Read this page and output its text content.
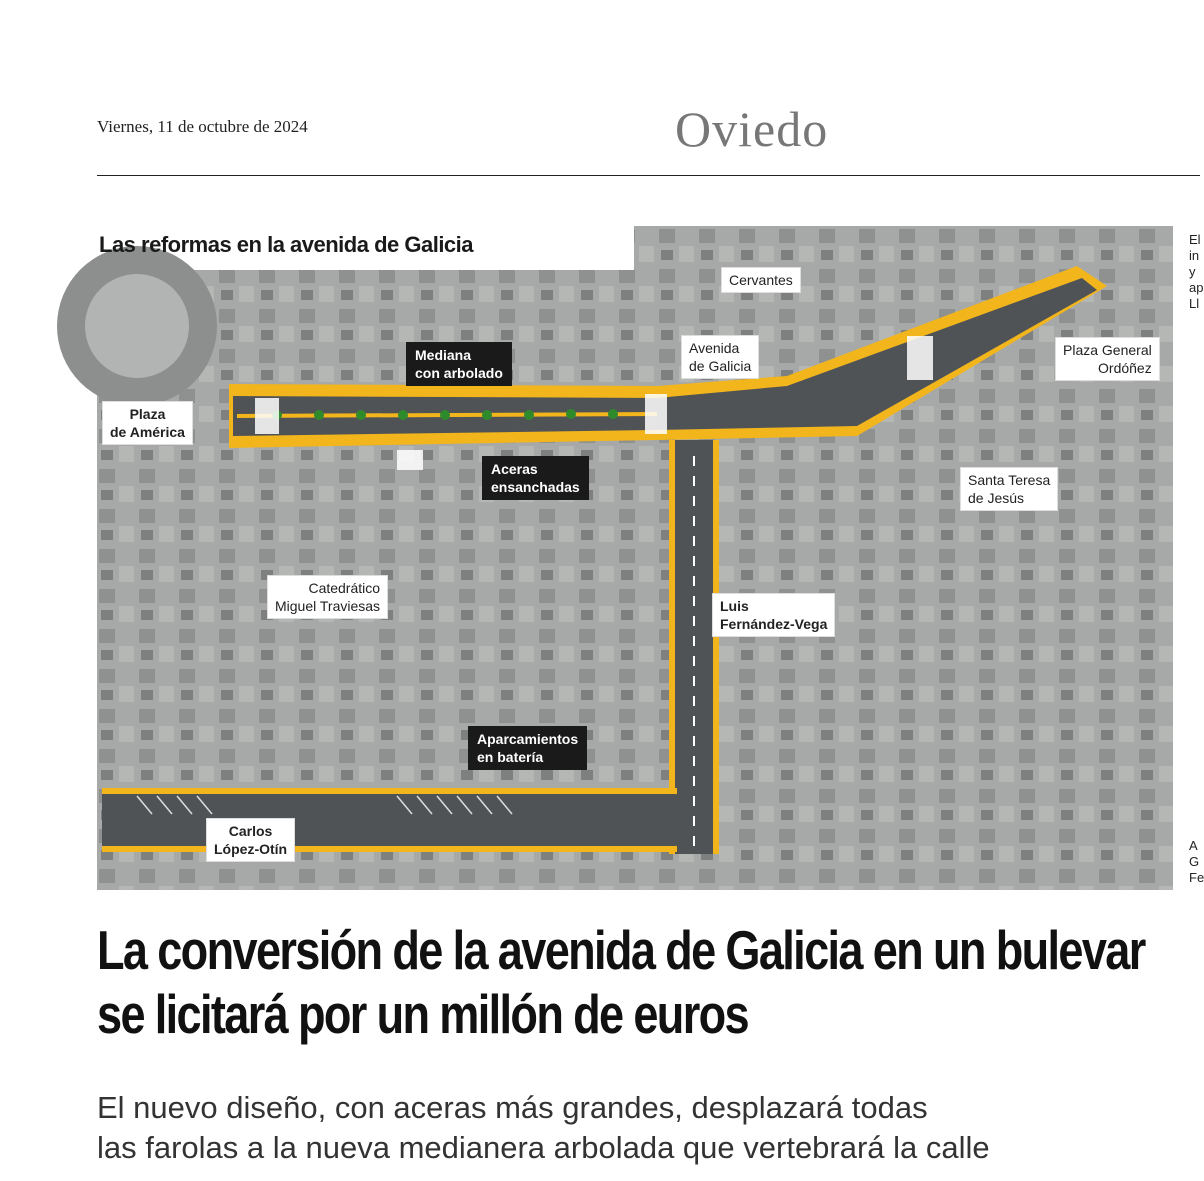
Viernes, 11 de octubre de 2024	Oviedo
Las reformas en la avenida de Galicia
Cervantes
Avenida
de Galicia
Plaza General
Ordóñez
Plaza
de América
Santa Teresa
de Jesús
Catedrático
Miguel Traviesas	Luis
Fernández-Vega
Carlos
López-Otín
Mediana
con arbolado
Aceras
ensanchadas
Aparcamientos
en batería
El
in
y
ap
Ll
A
G
Fe
La conversión de la avenida de Galicia en un bulevar se licitará por un millón de euros

El nuevo diseño, con aceras más grandes, desplazará todas
las farolas a la nueva medianera arbolada que vertebrará la calle
